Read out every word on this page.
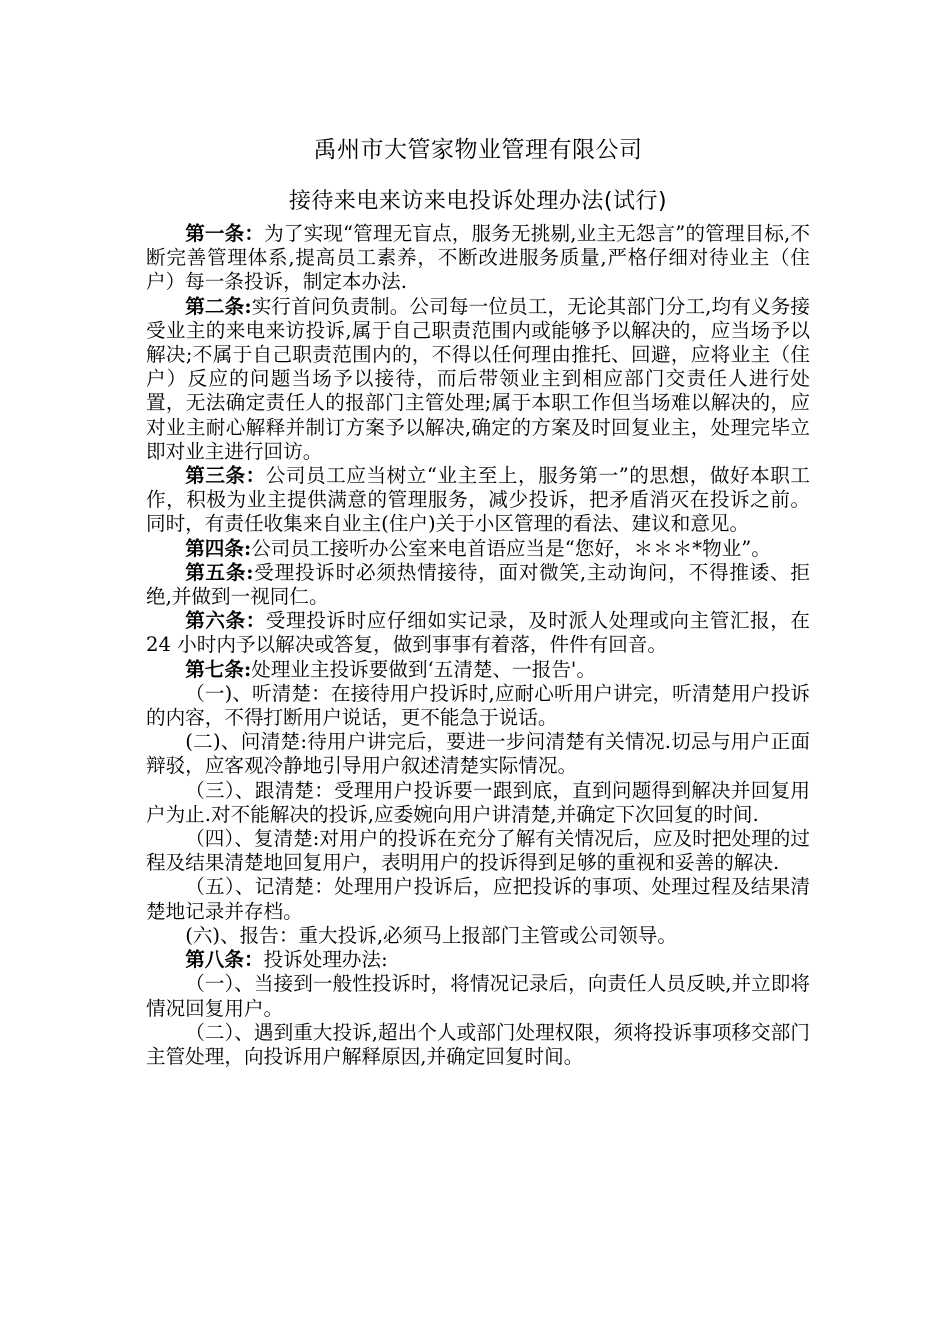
禹州市大管家物业管理有限公司
接待来电来访来电投诉处理办法(试行)

第一条：为了实现“管理无盲点，服务无挑剔,业主无怨言”的管理目标,不断完善管理体系,提高员工素养，不断改进服务质量,严格仔细对待业主（住户）每一条投诉，制定本办法.

第二条:实行首问负责制。公司每一位员工，无论其部门分工,均有义务接受业主的来电来访投诉,属于自己职责范围内或能够予以解决的，应当场予以解决;不属于自己职责范围内的，不得以任何理由推托、回避，应将业主（住户）反应的问题当场予以接待，而后带领业主到相应部门交责任人进行处置，无法确定责任人的报部门主管处理;属于本职工作但当场难以解决的，应对业主耐心解释并制订方案予以解决,确定的方案及时回复业主，处理完毕立即对业主进行回访。

第三条：公司员工应当树立“业主至上，服务第一”的思想，做好本职工作，积极为业主提供满意的管理服务，减少投诉，把矛盾消灭在投诉之前。同时，有责任收集来自业主(住户)关于小区管理的看法、建议和意见。

第四条:公司员工接听办公室来电首语应当是“您好，＊＊＊*物业”。

第五条:受理投诉时必须热情接待，面对微笑,主动询问，不得推诿、拒绝,并做到一视同仁。

第六条：受理投诉时应仔细如实记录，及时派人处理或向主管汇报，在 24 小时内予以解决或答复，做到事事有着落，件件有回音。

第七条:处理业主投诉要做到‘五清楚、一报告'。

（一)、听清楚：在接待用户投诉时,应耐心听用户讲完，听清楚用户投诉的内容，不得打断用户说话，更不能急于说话。

(二)、问清楚:待用户讲完后，要进一步问清楚有关情况.切忌与用户正面辩驳，应客观冷静地引导用户叙述清楚实际情况。

（三）、跟清楚：受理用户投诉要一跟到底，直到问题得到解决并回复用户为止.对不能解决的投诉,应委婉向用户讲清楚,并确定下次回复的时间.

（四）、复清楚:对用户的投诉在充分了解有关情况后，应及时把处理的过程及结果清楚地回复用户，表明用户的投诉得到足够的重视和妥善的解决.

（五）、记清楚：处理用户投诉后，应把投诉的事项、处理过程及结果清楚地记录并存档。

(六)、报告：重大投诉,必须马上报部门主管或公司领导。

第八条：投诉处理办法:

（一）、当接到一般性投诉时，将情况记录后，向责任人员反映,并立即将情况回复用户。

（二）、遇到重大投诉,超出个人或部门处理权限，须将投诉事项移交部门主管处理，向投诉用户解释原因,并确定回复时间。
